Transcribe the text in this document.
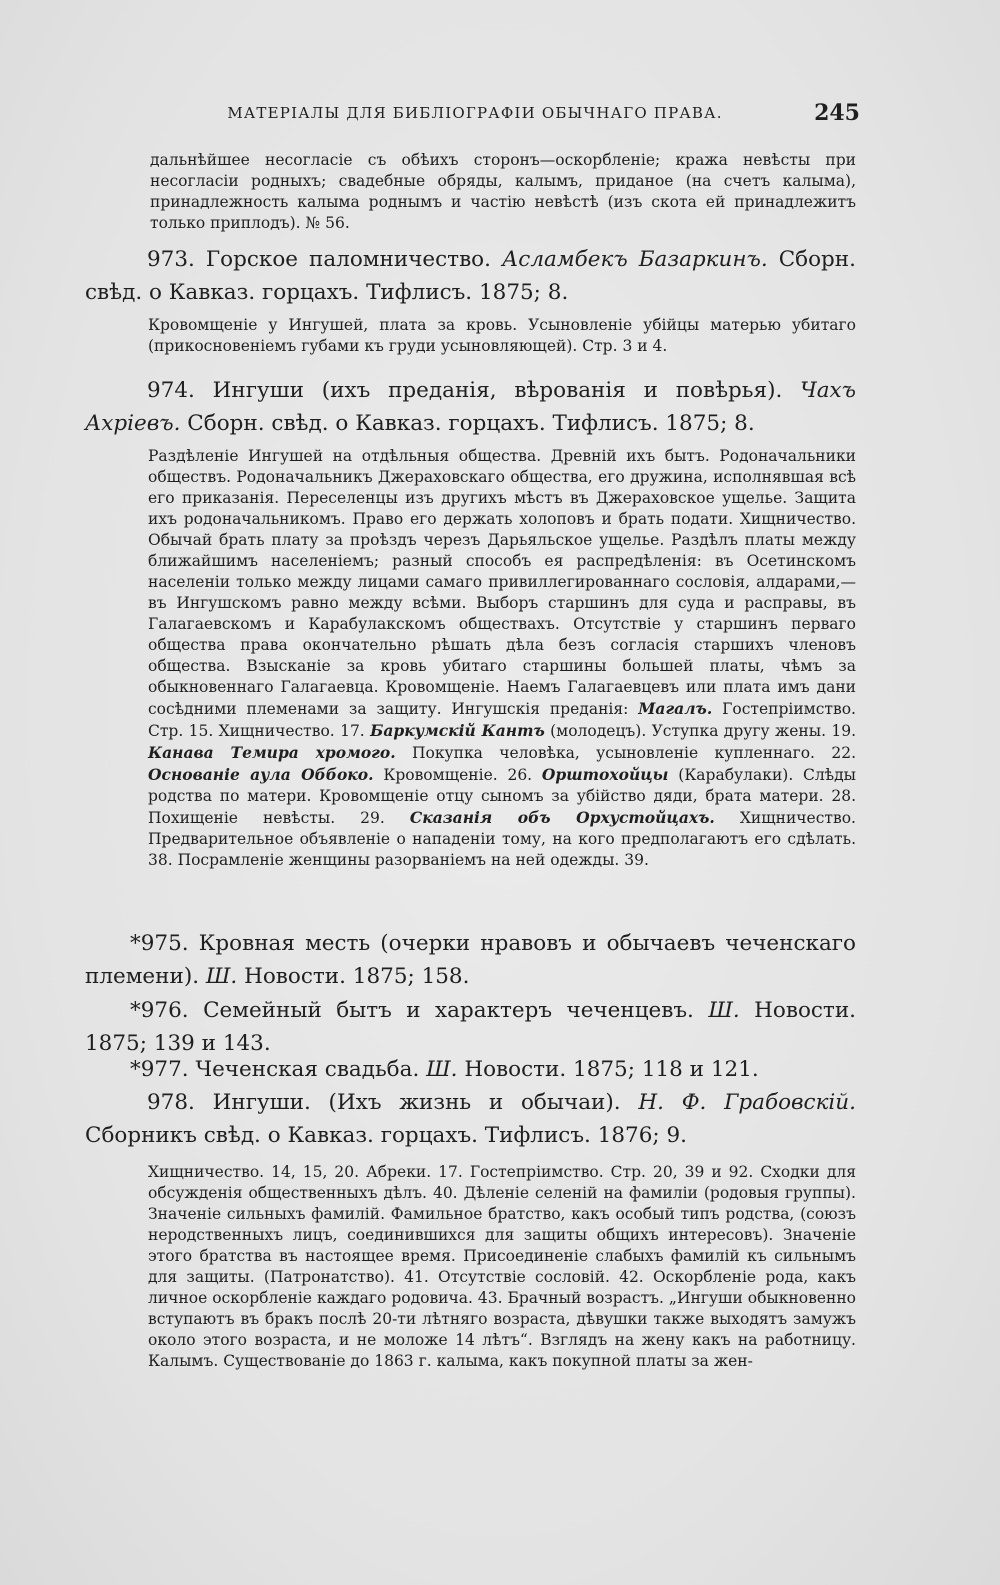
МАТЕРІАЛЫ ДЛЯ БИБЛІОГРАФІИ ОБЫЧНАГО ПРАВА.	245

дальнѣйшее несогласіе съ обѣихъ сторонъ—оскорбленіе; кража невѣсты при несогласіи родныхъ; свадебные обряды, калымъ, приданое (на счетъ калыма), принадлежность калыма роднымъ и частію невѣстѣ (изъ скота ей принадлежитъ только приплодъ). № 56.

973. Горское паломничество. Асламбекъ Базаркинъ. Сборн. свѣд. о Кавказ. горцахъ. Тифлисъ. 1875; 8.

Кровомщеніе у Ингушей, плата за кровь. Усыновленіе убійцы матерью убитаго (прикосновеніемъ губами къ груди усыновляющей). Стр. 3 и 4.

974. Ингуши (ихъ преданія, вѣрованія и повѣрья). Чахъ Ахріевъ. Сборн. свѣд. о Кавказ. горцахъ. Тифлисъ. 1875; 8.

Раздѣленіе Ингушей на отдѣльныя общества. Древній ихъ бытъ. Родоначальники обществъ. Родоначальникъ Джераховскаго общества, его дружина, исполнявшая всѣ его приказанія. Переселенцы изъ другихъ мѣстъ въ Джераховское ущелье. Защита ихъ родоначальникомъ. Право его держать холоповъ и брать подати. Хищничество. Обычай брать плату за проѣздъ черезъ Дарьяльское ущелье. Раздѣлъ платы между ближайшимъ населеніемъ; разный способъ ея распредѣленія: въ Осетинскомъ населеніи только между лицами самаго привиллегированнаго сословія, алдарами,—въ Ингушскомъ равно между всѣми. Выборъ старшинъ для суда и расправы, въ Галагаевскомъ и Карабулакскомъ обществахъ. Отсутствіе у старшинъ перваго общества права окончательно рѣшать дѣла безъ согласія старшихъ членовъ общества. Взысканіе за кровь убитаго старшины большей платы, чѣмъ за обыкновеннаго Галагаевца. Кровомщеніе. Наемъ Галагаевцевъ или плата имъ дани сосѣдними племенами за защиту. Ингушскія преданія: Магалъ. Гостепріимство. Стр. 15. Хищничество. 17. Баркумскій Кантъ (молодецъ). Уступка другу жены. 19. Канава Темира хромого. Покупка человѣка, усыновленіе купленнаго. 22. Основаніе аула Оббоко. Кровомщеніе. 26. Орштохойцы (Карабулаки). Слѣды родства по матери. Кровомщеніе отцу сыномъ за убійство дяди, брата матери. 28. Похищеніе невѣсты. 29. Сказанія объ Орхустойцахъ. Хищничество. Предварительное объявленіе о нападеніи тому, на кого предполагаютъ его сдѣлать. 38. Посрамленіе женщины разорваніемъ на ней одежды. 39.

*975. Кровная месть (очерки нравовъ и обычаевъ чеченскагo племени). Ш. Новости. 1875; 158.

*976. Семейный бытъ и характеръ чеченцевъ. Ш. Новости. 1875; 139 и 143.

*977. Чеченская свадьба. Ш. Новости. 1875; 118 и 121.

978. Ингуши. (Ихъ жизнь и обычаи). Н. Ф. Грабовскій. Сборникъ свѣд. о Кавказ. горцахъ. Тифлисъ. 1876; 9.

Хищничество. 14, 15, 20. Абреки. 17. Гостепріимство. Стр. 20, 39 и 92. Сходки для обсужденія общественныхъ дѣлъ. 40. Дѣленіе селеній на фамиліи (родовыя группы). Значеніе сильныхъ фамилій. Фамильное братство, какъ особый типъ родства, (союзъ неродственныхъ лицъ, соединившихся для защиты общихъ интересовъ). Значеніе этого братства въ настоящее время. Присоединеніе слабыхъ фамилій къ сильнымъ для защиты. (Патронатство). 41. Отсутствіе сословій. 42. Оскорбленіе рода, какъ личное оскорбленіе каждаго родовича. 43. Брачный возрастъ. „Ингуши обыкновенно вступаютъ въ бракъ послѣ 20-ти лѣтняго возраста, дѣвушки также выходятъ замужъ около этого возраста, и не моложе 14 лѣтъ“. Взглядъ на жену какъ на работницу. Калымъ. Существованіе до 1863 г. калыма, какъ покупной платы за жен-
